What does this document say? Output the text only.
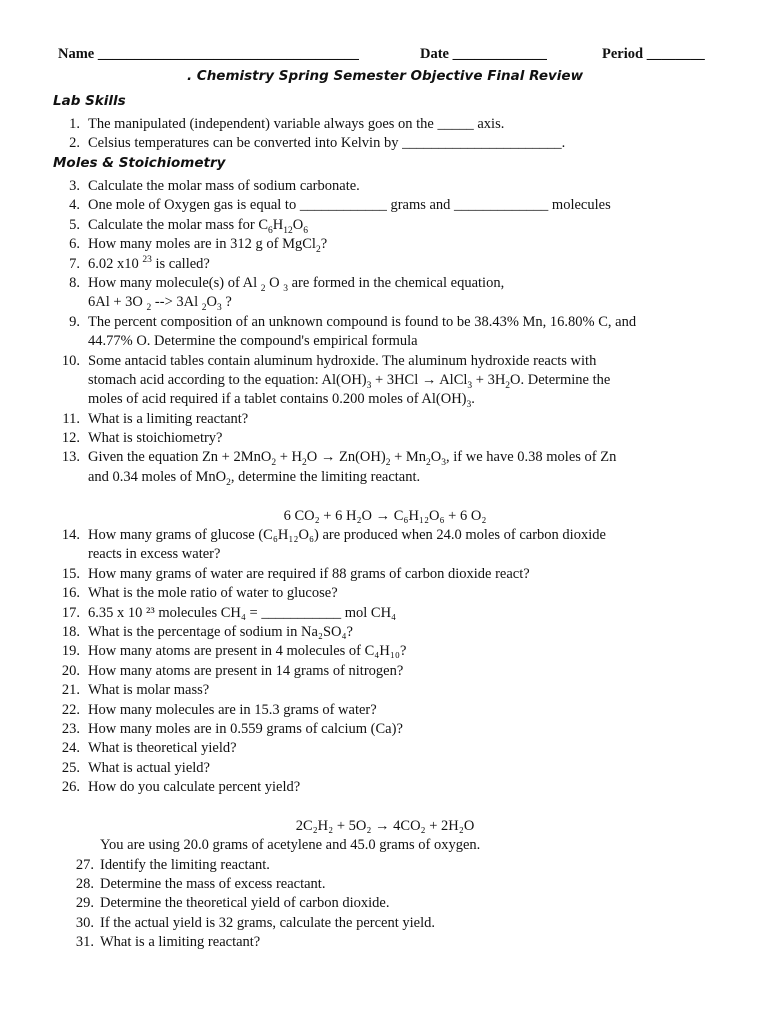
Name ____________________________________	Date _____________	Period ________
. Chemistry Spring Semester Objective Final Review
Lab Skills
1. The manipulated (independent) variable always goes on the _____ axis.
2. Celsius temperatures can be converted into Kelvin by ______________________.
Moles & Stoichiometry
3. Calculate the molar mass of sodium carbonate.
4. One mole of Oxygen gas is equal to ____________ grams and _____________ molecules
5. Calculate the molar mass for $C_6H_{12}O_6$
6. How many moles are in 312 g of MgCl$_2$?
7. 6.02 x10 $^{23}$ is called?
8. How many molecule(s) of Al $_2$ O $_3$ are formed in the chemical equation,
6Al + 3O $_2$ --> 3Al $_2O_3$ ?
9. The percent composition of an unknown compound is found to be 38.43% Mn, 16.80% C, and
44.77% O. Determine the compound's empirical formula
10. Some antacid tables contain aluminum hydroxide. The aluminum hydroxide reacts with
stomach acid according to the equation: $Al(OH)_3 + 3HCl$ → AlCl$_3$ + $3H_2O$. Determine the
moles of acid required if a tablet contains 0.200 moles of $Al(OH)_3$.
11. What is a limiting reactant?
12. What is stoichiometry?
13. Given the equation $Zn + 2MnO_2 + H_2O \to Zn(OH)_2 + Mn_2O_3$, if we have 0.38 moles of Zn
and 0.34 moles of MnO$_2$, determine the limiting reactant.
6 CO₂ + 6 H₂O → C₆H₁₂O₆ + 6 O₂
14. How many grams of glucose (C₆H₁₂O₆) are produced when 24.0 moles of carbon dioxide
reacts in excess water?
15. How many grams of water are required if 88 grams of carbon dioxide react?
16. What is the mole ratio of water to glucose?
17. 6.35 x 10 ²³ molecules CH₄ = ___________ mol CH₄
18. What is the percentage of sodium in Na₂SO₄?
19. How many atoms are present in 4 molecules of C₄H₁₀?
20. How many atoms are present in 14 grams of nitrogen?
21. What is molar mass?
22. How many molecules are in 15.3 grams of water?
23. How many moles are in 0.559 grams of calcium (Ca)?
24. What is theoretical yield?
25. What is actual yield?
26. How do you calculate percent yield?
2C₂H₂ + 5O₂ → 4CO₂ + 2H₂O
You are using 20.0 grams of acetylene and 45.0 grams of oxygen.
27. Identify the limiting reactant.
28. Determine the mass of excess reactant.
29. Determine the theoretical yield of carbon dioxide.
30. If the actual yield is 32 grams, calculate the percent yield.
31. What is a limiting reactant?
